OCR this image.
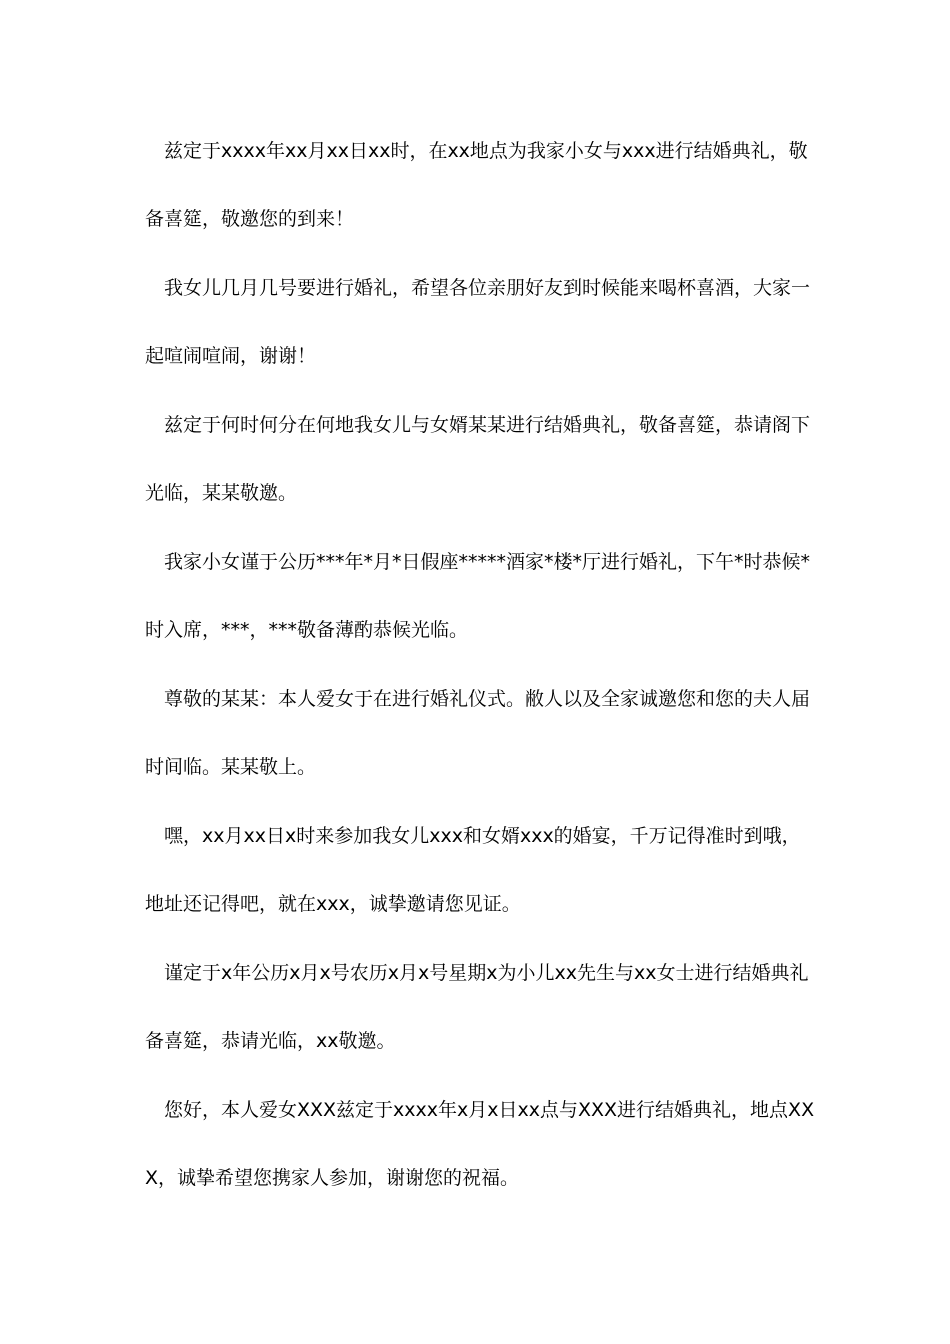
兹定于xxxx年xx月xx日xx时，在xx地点为我家小女与xxx进行结婚典礼，敬备喜筵，敬邀您的到来！

我女儿几月几号要进行婚礼，希望各位亲朋好友到时候能来喝杯喜酒，大家一起喧闹喧闹，谢谢！

兹定于何时何分在何地我女儿与女婿某某进行结婚典礼，敬备喜筵，恭请阁下光临，某某敬邀。

我家小女谨于公历***年*月*日假座*****酒家*楼*厅进行婚礼，下午*时恭候*时入席，***，***敬备薄酌恭候光临。

尊敬的某某：本人爱女于在进行婚礼仪式。敝人以及全家诚邀您和您的夫人届时间临。某某敬上。

嘿，xx月xx日x时来参加我女儿xxx和女婿xxx的婚宴，千万记得准时到哦，地址还记得吧，就在xxx，诚挚邀请您见证。

谨定于x年公历x月x号农历x月x号星期x为小儿xx先生与xx女士进行结婚典礼备喜筵，恭请光临，xx敬邀。

您好，本人爱女XXX兹定于xxxx年x月x日xx点与XXX进行结婚典礼，地点XXX，诚挚希望您携家人参加，谢谢您的祝福。
